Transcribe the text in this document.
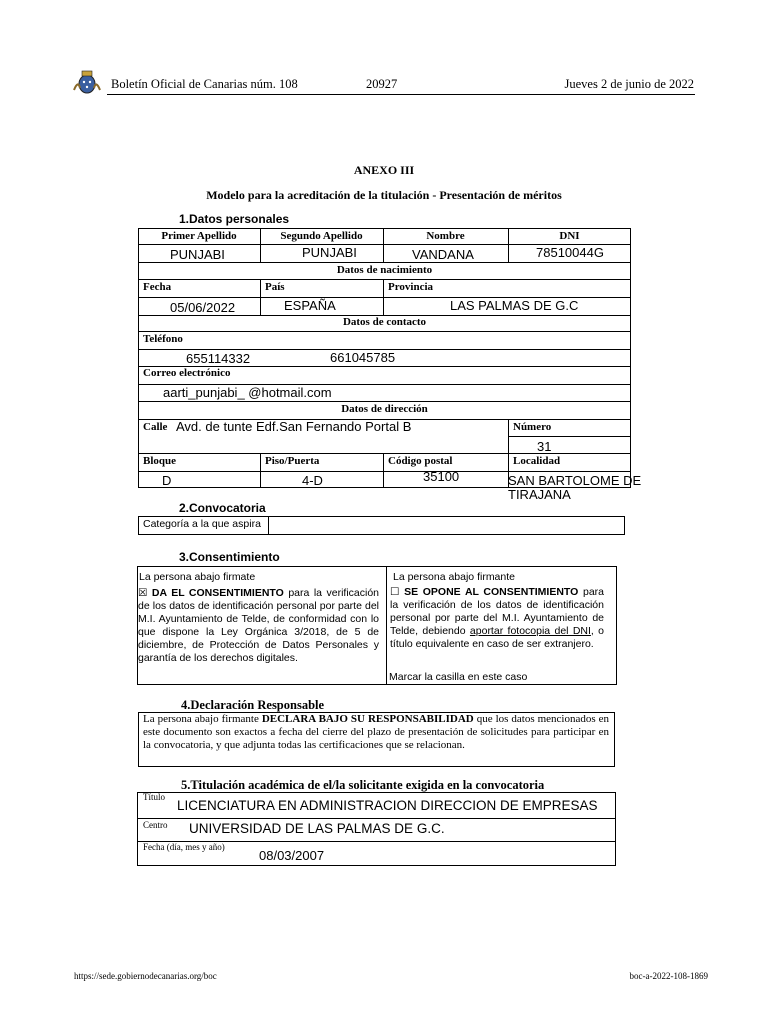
Boletín Oficial de Canarias núm. 108	20927	Jueves 2 de junio de 2022
ANEXO III
Modelo para la acreditación de la titulación - Presentación de méritos
1.Datos personales
Primer Apellido	Segundo Apellido	Nombre	DNI
PUNJABI	PUNJABI	VANDANA	78510044G
Datos de nacimiento
Fecha	País	Provincia
05/06/2022	ESPAÑA	LAS PALMAS DE G.C
Datos de contacto
Teléfono
655114332	661045785
Correo electrónico
aarti_punjabi_ @hotmail.com
Datos de dirección
Calle Avd. de tunte Edf.San Fernando Portal B	Número
31
Bloque	Piso/Puerta	Código postal	Localidad
D	4-D	35100	SAN BARTOLOME DE
TIRAJANA
2.Convocatoria
Categoría a la que aspira
3.Consentimiento
La persona abajo firmate
☒ DA EL CONSENTIMIENTO para la verificación de los datos de identificación personal por parte del M.I. Ayuntamiento de Telde, de conformidad con lo que dispone la Ley Orgánica 3/2018, de 5 de diciembre, de Protección de Datos Personales y garantía de los derechos digitales.
La persona abajo firmante
☐ SE OPONE AL CONSENTIMIENTO para la verificación de los datos de identificación personal por parte del M.I. Ayuntamiento de Telde, debiendo aportar fotocopia del DNI, o título equivalente en caso de ser extranjero.
Marcar la casilla en este caso
4.Declaración Responsable
La persona abajo firmante DECLARA BAJO SU RESPONSABILIDAD que los datos mencionados en este documento son exactos a fecha del cierre del plazo de presentación de solicitudes para participar en la convocatoria, y que adjunta todas las certificaciones que se relacionan.
5.Titulación académica de el/la solicitante exigida en la convocatoria
Título
LICENCIATURA EN ADMINISTRACION DIRECCION DE EMPRESAS
Centro UNIVERSIDAD DE LAS PALMAS DE G.C.
Fecha (día, mes y año)
08/03/2007
https://sede.gobiernodecanarias.org/boc	boc-a-2022-108-1869
